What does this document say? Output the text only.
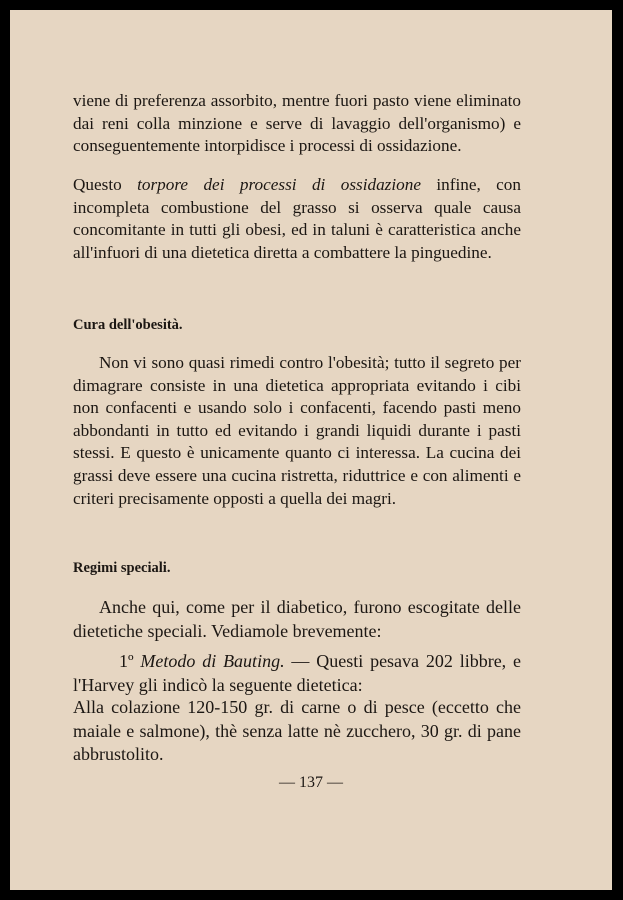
viene di preferenza assorbito, mentre fuori pasto viene eliminato dai reni colla minzione e serve di lavaggio dell'organismo) e conseguentemente intorpidisce i processi di ossidazione.
Questo torpore dei processi di ossidazione infine, con incompleta combustione del grasso si osserva quale causa concomitante in tutti gli obesi, ed in taluni è caratteristica anche all'infuori di una dietetica diretta a combattere la pinguedine.
Cura dell'obesità.
Non vi sono quasi rimedi contro l'obesità; tutto il segreto per dimagrare consiste in una dietetica appropriata evitando i cibi non confacenti e usando solo i confacenti, facendo pasti meno abbondanti in tutto ed evitando i grandi liquidi durante i pasti stessi. E questo è unicamente quanto ci interessa. La cucina dei grassi deve essere una cucina ristretta, riduttrice e con alimenti e criteri precisamente opposti a quella dei magri.
Regimi speciali.
Anche qui, come per il diabetico, furono escogitate delle dietetiche speciali. Vediamole brevemente:
1º Metodo di Bauting. — Questi pesava 202 libbre, e l'Harvey gli indicò la seguente dietetica:
Alla colazione 120-150 gr. di carne o di pesce (eccetto che maiale e salmone), thè senza latte nè zucchero, 30 gr. di pane abbrustolito.
— 137 —
